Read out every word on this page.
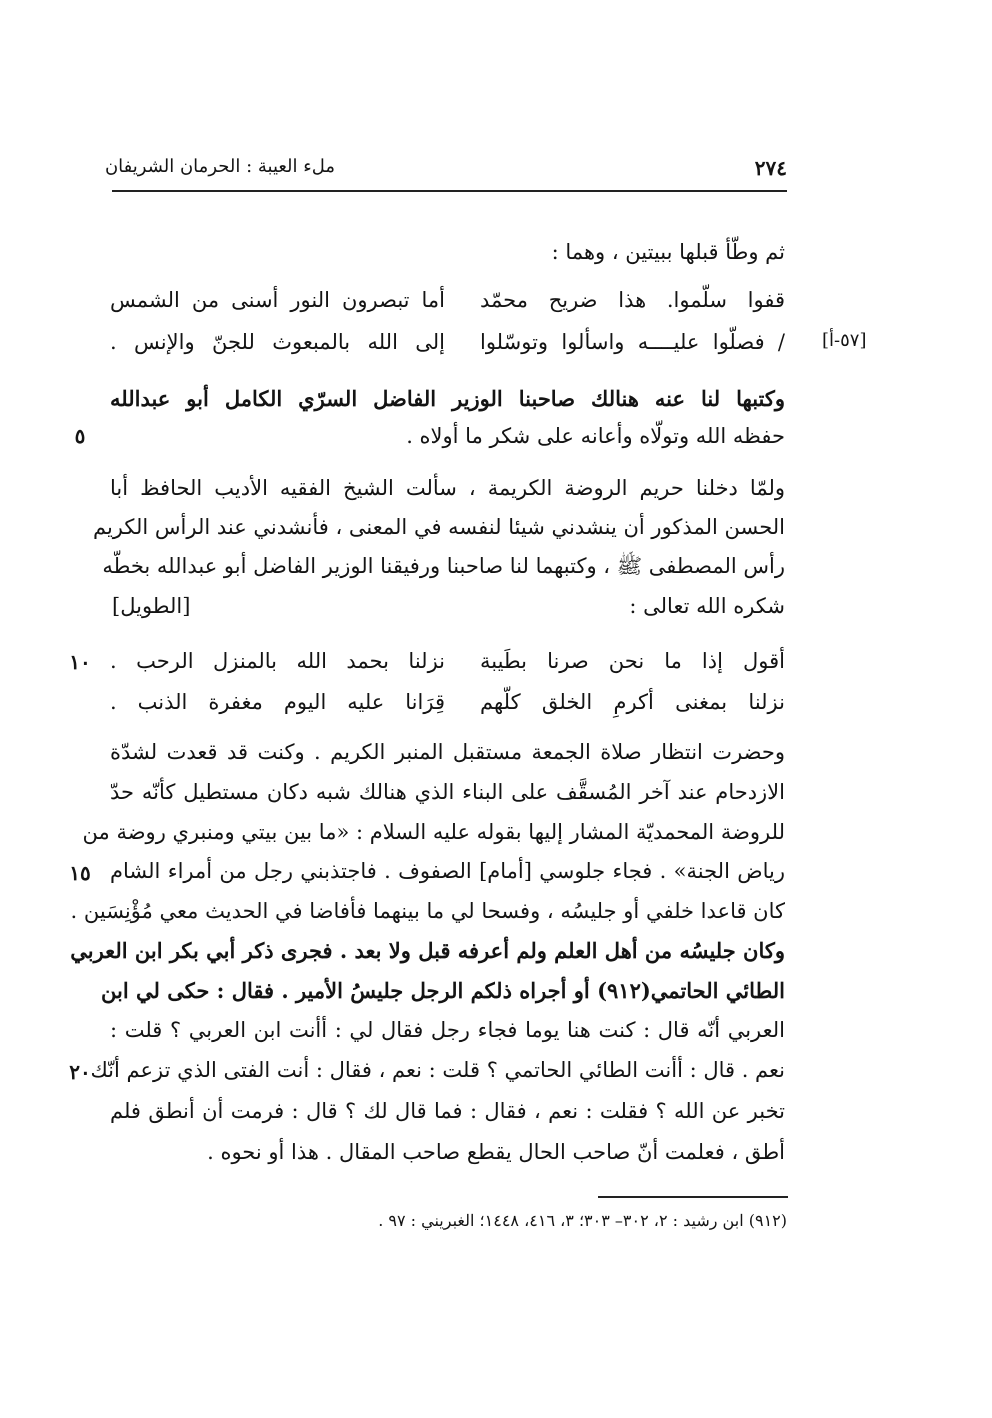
٢٧٤
ملء العيبة : الحرمان الشريفان
ثم وطّأ قبلها ببيتين ، وهما :
قفوا سلّموا. هذا ضريح محمّد
أما تبصرون النور أسنى من الشمس
/ فصلّوا عليــــه واسألوا وتوسّلوا
إلى الله بالمبعوث للجنّ والإنس .	[٥٧-أ]
وكتبها لنا عنه هنالك صاحبنا الوزير الفاضل السرّي الكامل أبو عبدالله
حفظه الله وتولّاه وأعانه على شكر ما أولاه .
٥
ولمّا دخلنا حريم الروضة الكريمة ، سألت الشيخ الفقيه الأديب الحافظ أبا
الحسن المذكور أن ينشدني شيئا لنفسه في المعنى ، فأنشدني عند الرأس الكريم
رأس المصطفى ﷺ ، وكتبهما لنا صاحبنا ورفيقنا الوزير الفاضل أبو عبدالله بخطّه
شكره الله تعالى :
[الطويل]
أقول إذا ما نحن صرنا بطَيبة
نزلنا بحمد الله بالمنزل الرحب .
١٠
نزلنا بمغنى أكرمِ الخلق كلّهم
قِرَانا عليه اليوم مغفرة الذنب .
وحضرت انتظار صلاة الجمعة مستقبل المنبر الكريم . وكنت قد قعدت لشدّة
الازدحام عند آخر المُسقَّف على البناء الذي هنالك شبه دكان مستطيل كأنّه حدّ
للروضة المحمديّة المشار إليها بقوله عليه السلام : «ما بين بيتي ومنبري روضة من
رياض الجنة» . فجاء جلوسي [أمام] الصفوف . فاجتذبني رجل من أمراء الشام
١٥
كان قاعدا خلفي أو جليسُه ، وفسحا لي ما بينهما فأفاضا في الحديث معي مُؤْنِسَين .
وكان جليسُه من أهل العلم ولم أعرفه قبل ولا بعد . فجرى ذكر أبي بكر ابن العربي
الطائي الحاتمي(٩١٢) أو أجراه ذلكم الرجل جليسُ الأمير . فقال : حكى لي ابن
العربي أنّه قال : كنت هنا يوما فجاء رجل فقال لي : أأنت ابن العربي ؟ قلت :
نعم . قال : أأنت الطائي الحاتمي ؟ قلت : نعم ، فقال : أنت الفتى الذي تزعم أنّك
٢٠
تخبر عن الله ؟ فقلت : نعم ، فقال : فما قال لك ؟ قال : فرمت أن أنطق فلم
أطق ، فعلمت أنّ صاحب الحال يقطع صاحب المقال . هذا أو نحوه .
(٩١٢) ابن رشيد : ٢، ٣٠٢– ٣٠٣؛ ٣، ٤١٦، ١٤٤٨؛ الغبريني : ٩٧ .
